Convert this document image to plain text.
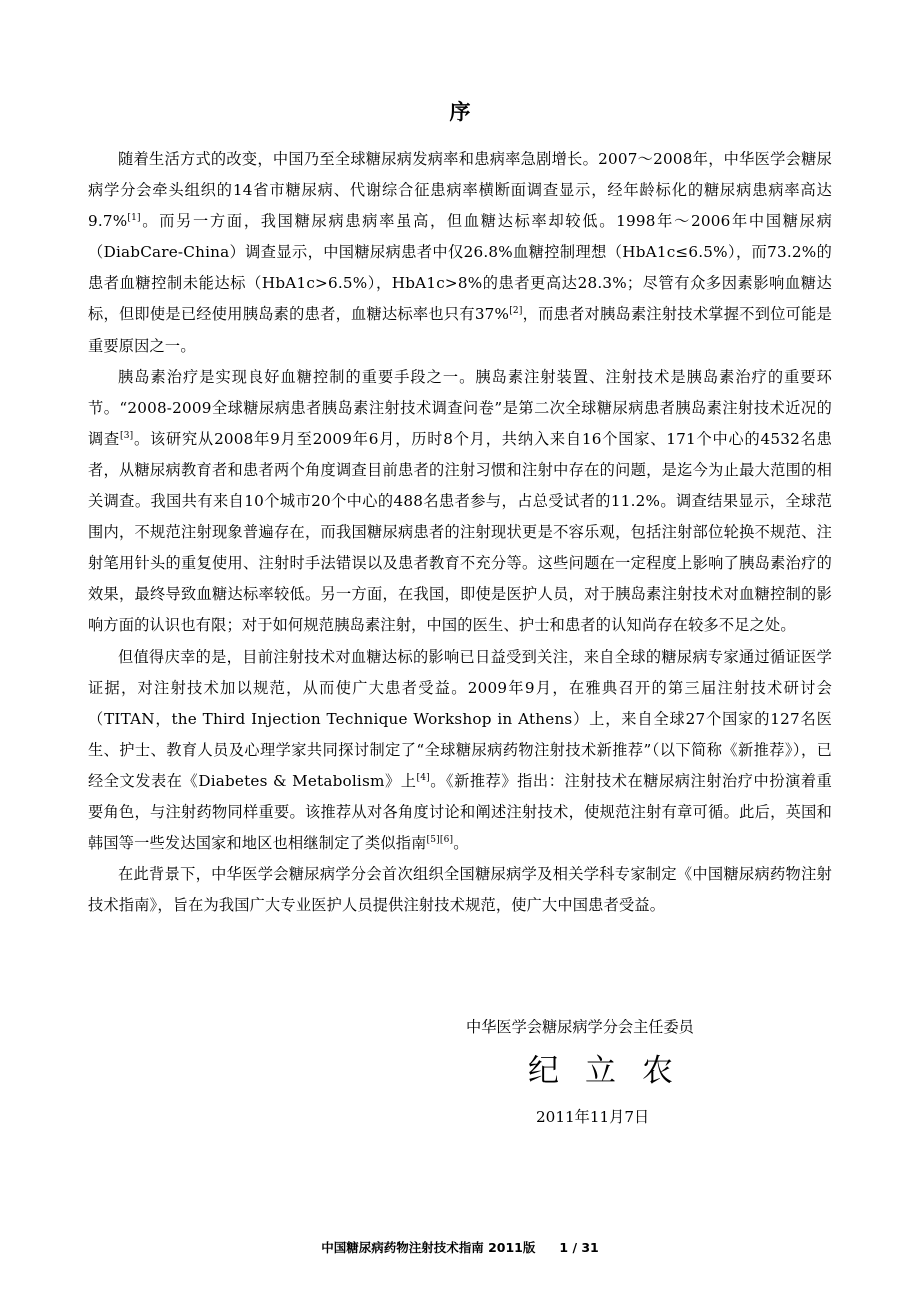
序

随着生活方式的改变，中国乃至全球糖尿病发病率和患病率急剧增长。2007～2008年，中华医学会糖尿病学分会牵头组织的14省市糖尿病、代谢综合征患病率横断面调查显示，经年龄标化的糖尿病患病率高达9.7%[1]。而另一方面，我国糖尿病患病率虽高，但血糖达标率却较低。1998年～2006年中国糖尿病（DiabCare-China）调查显示，中国糖尿病患者中仅26.8%血糖控制理想（HbA1c≤6.5%），而73.2%的患者血糖控制未能达标（HbA1c>6.5%），HbA1c>8%的患者更高达28.3%；尽管有众多因素影响血糖达标，但即使是已经使用胰岛素的患者，血糖达标率也只有37%[2]，而患者对胰岛素注射技术掌握不到位可能是重要原因之一。

胰岛素治疗是实现良好血糖控制的重要手段之一。胰岛素注射装置、注射技术是胰岛素治疗的重要环节。“2008-2009全球糖尿病患者胰岛素注射技术调查问卷”是第二次全球糖尿病患者胰岛素注射技术近况的调查[3]。该研究从2008年9月至2009年6月，历时8个月，共纳入来自16个国家、171个中心的4532名患者，从糖尿病教育者和患者两个角度调查目前患者的注射习惯和注射中存在的问题，是迄今为止最大范围的相关调查。我国共有来自10个城市20个中心的488名患者参与，占总受试者的11.2%。调查结果显示，全球范围内，不规范注射现象普遍存在，而我国糖尿病患者的注射现状更是不容乐观，包括注射部位轮换不规范、注射笔用针头的重复使用、注射时手法错误以及患者教育不充分等。这些问题在一定程度上影响了胰岛素治疗的效果，最终导致血糖达标率较低。另一方面，在我国，即使是医护人员，对于胰岛素注射技术对血糖控制的影响方面的认识也有限；对于如何规范胰岛素注射，中国的医生、护士和患者的认知尚存在较多不足之处。

但值得庆幸的是，目前注射技术对血糖达标的影响已日益受到关注，来自全球的糖尿病专家通过循证医学证据，对注射技术加以规范，从而使广大患者受益。2009年9月，在雅典召开的第三届注射技术研讨会（TITAN，the Third Injection Technique Workshop in Athens）上，来自全球27个国家的127名医生、护士、教育人员及心理学家共同探讨制定了“全球糖尿病药物注射技术新推荐”（以下简称《新推荐》），已经全文发表在《Diabetes & Metabolism》上[4]。《新推荐》指出：注射技术在糖尿病注射治疗中扮演着重要角色，与注射药物同样重要。该推荐从对各角度讨论和阐述注射技术，使规范注射有章可循。此后，英国和韩国等一些发达国家和地区也相继制定了类似指南[5][6]。

在此背景下，中华医学会糖尿病学分会首次组织全国糖尿病学及相关学科专家制定《中国糖尿病药物注射技术指南》，旨在为我国广大专业医护人员提供注射技术规范，使广大中国患者受益。

中华医学会糖尿病学分会主任委员
纪立农
2011年11月7日
中国糖尿病药物注射技术指南 2011版 1 / 31
